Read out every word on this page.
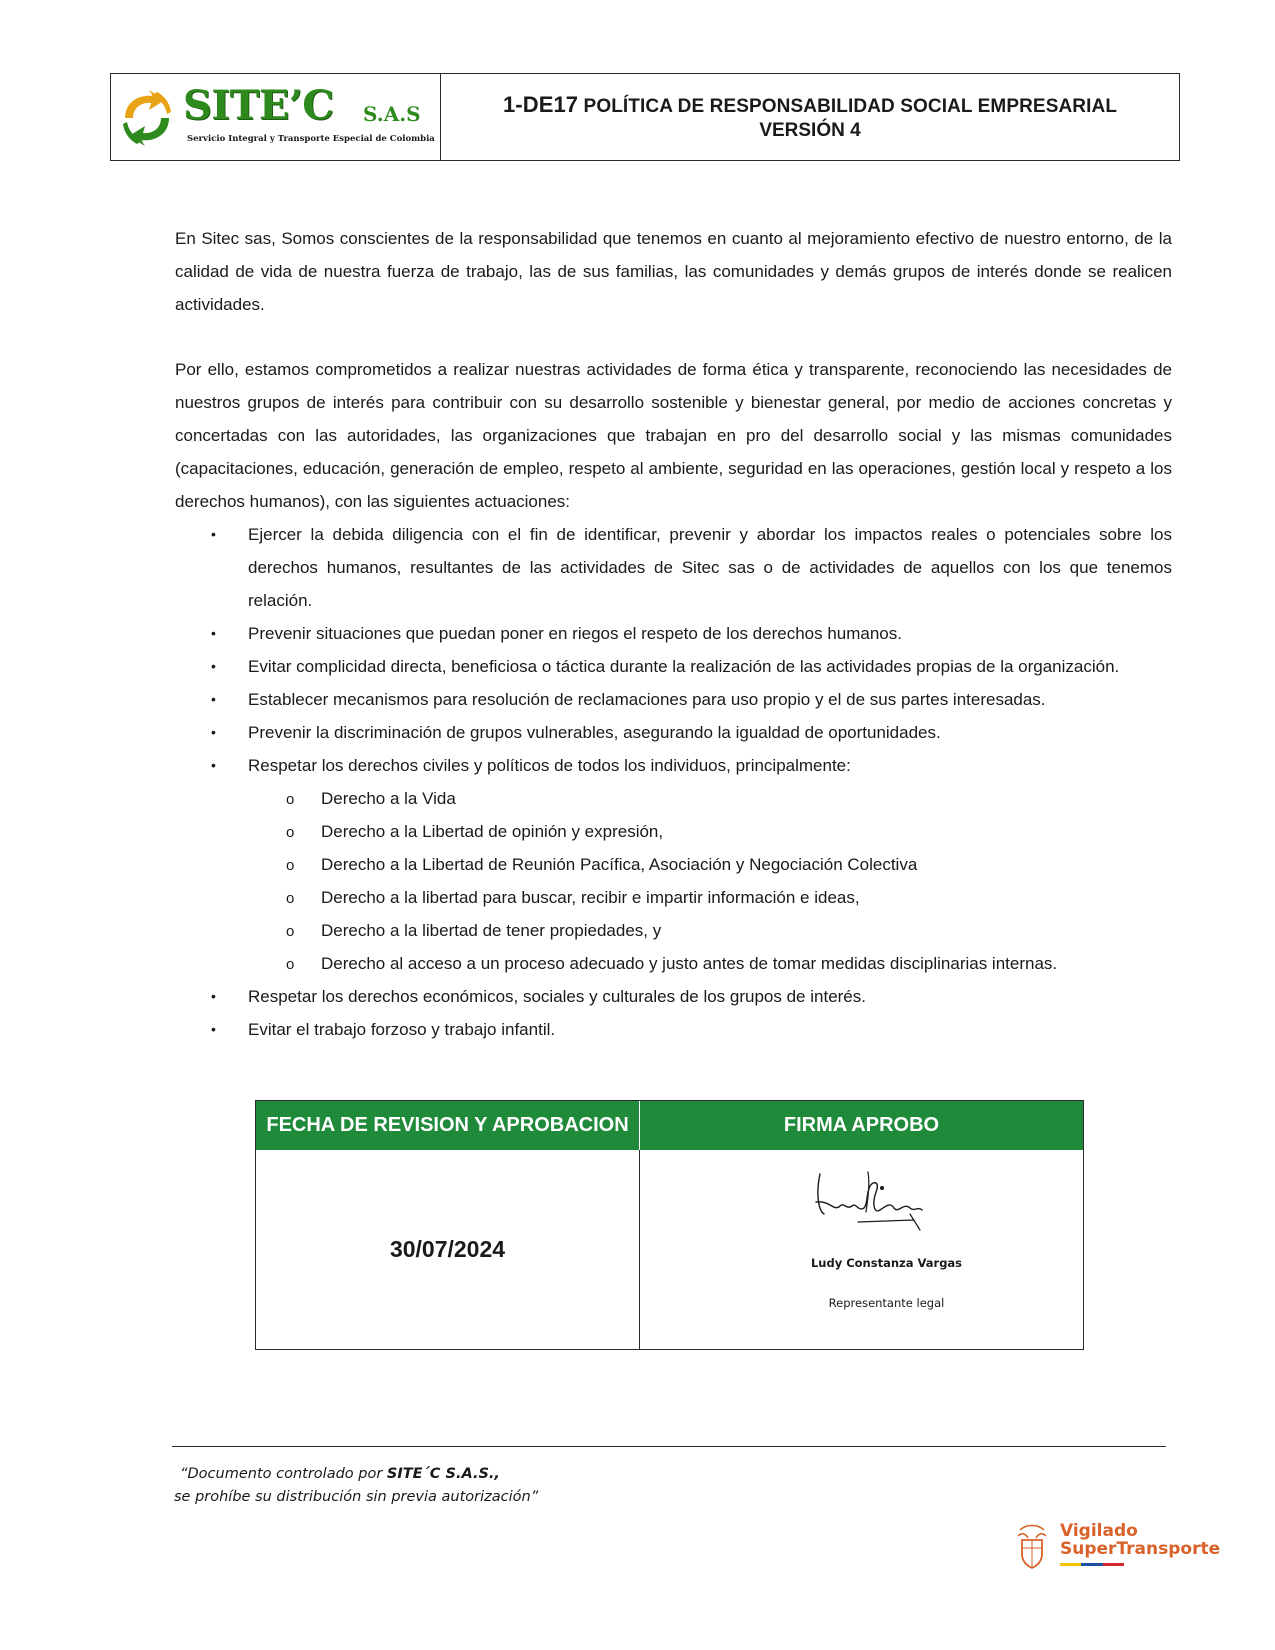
SITE’C S.A.S
Servicio Integral y Transporte Especial de Colombia
1-DE17 POLÍTICA DE RESPONSABILIDAD SOCIAL EMPRESARIAL
VERSIÓN 4

En Sitec sas, Somos conscientes de la responsabilidad que tenemos en cuanto al mejoramiento efectivo de nuestro entorno, de la calidad de vida de nuestra fuerza de trabajo, las de sus familias, las comunidades y demás grupos de interés donde se realicen actividades.

Por ello, estamos comprometidos a realizar nuestras actividades de forma ética y transparente, reconociendo las necesidades de nuestros grupos de interés para contribuir con su desarrollo sostenible y bienestar general, por medio de acciones concretas y concertadas con las autoridades, las organizaciones que trabajan en pro del desarrollo social y las mismas comunidades (capacitaciones, educación, generación de empleo, respeto al ambiente, seguridad en las operaciones, gestión local y respeto a los derechos humanos), con las siguientes actuaciones:

• Ejercer la debida diligencia con el fin de identificar, prevenir y abordar los impactos reales o potenciales sobre los derechos humanos, resultantes de las actividades de Sitec sas o de actividades de aquellos con los que tenemos relación.
• Prevenir situaciones que puedan poner en riegos el respeto de los derechos humanos.
• Evitar complicidad directa, beneficiosa o táctica durante la realización de las actividades propias de la organización.
• Establecer mecanismos para resolución de reclamaciones para uso propio y el de sus partes interesadas.
• Prevenir la discriminación de grupos vulnerables, asegurando la igualdad de oportunidades.
• Respetar los derechos civiles y políticos de todos los individuos, principalmente:
o Derecho a la Vida
o Derecho a la Libertad de opinión y expresión,
o Derecho a la Libertad de Reunión Pacífica, Asociación y Negociación Colectiva
o Derecho a la libertad para buscar, recibir e impartir información e ideas,
o Derecho a la libertad de tener propiedades, y
o Derecho al acceso a un proceso adecuado y justo antes de tomar medidas disciplinarias internas.
• Respetar los derechos económicos, sociales y culturales de los grupos de interés.
• Evitar el trabajo forzoso y trabajo infantil.
FECHA DE REVISION Y APROBACION	FIRMA APROBO
30/07/2024
Ludy Constanza Vargas
Representante legal
“Documento controlado por SITE´C S.A.S.,
se prohíbe su distribución sin previa autorización”
Vigilado
SuperTransporte
